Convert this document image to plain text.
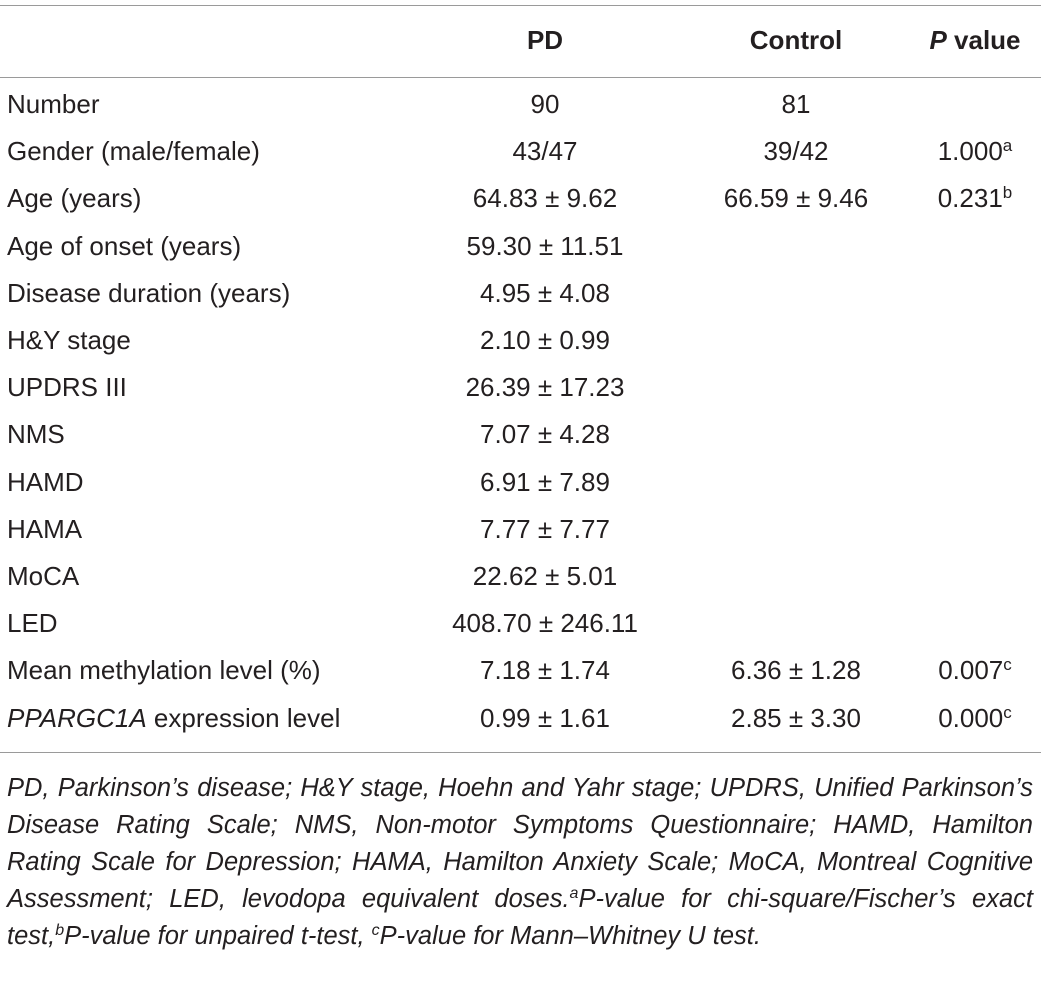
	PD	Control	P value

Number	90	81	
Gender (male/female)	43/47	39/42	1.000$^a$
Age (years)	64.83 ± 9.62	66.59 ± 9.46	0.231$^b$
Age of onset (years)	59.30 ± 11.51		
Disease duration (years)	4.95 ± 4.08		
H&Y stage	2.10 ± 0.99		
UPDRS III	26.39 ± 17.23		
NMS	7.07 ± 4.28		
HAMD	6.91 ± 7.89		
HAMA	7.77 ± 7.77		
MoCA	22.62 ± 5.01		
LED	408.70 ± 246.11		
Mean methylation level (%)	7.18 ± 1.74	6.36 ± 1.28	0.007$^c$
PPARGC1A expression level	0.99 ± 1.61	2.85 ± 3.30	0.000$^c$
PD, Parkinson’s disease; H&Y stage, Hoehn and Yahr stage; UPDRS, Unified Parkinson’s Disease Rating Scale; NMS, Non-motor Symptoms Questionnaire; HAMD, Hamilton Rating Scale for Depression; HAMA, Hamilton Anxiety Scale; MoCA, Montreal Cognitive Assessment; LED, levodopa equivalent doses.$^a$P-value for chi-square/Fischer’s exact test,$^b$P-value for unpaired t-test, $^c$P-value for Mann–Whitney U test.
